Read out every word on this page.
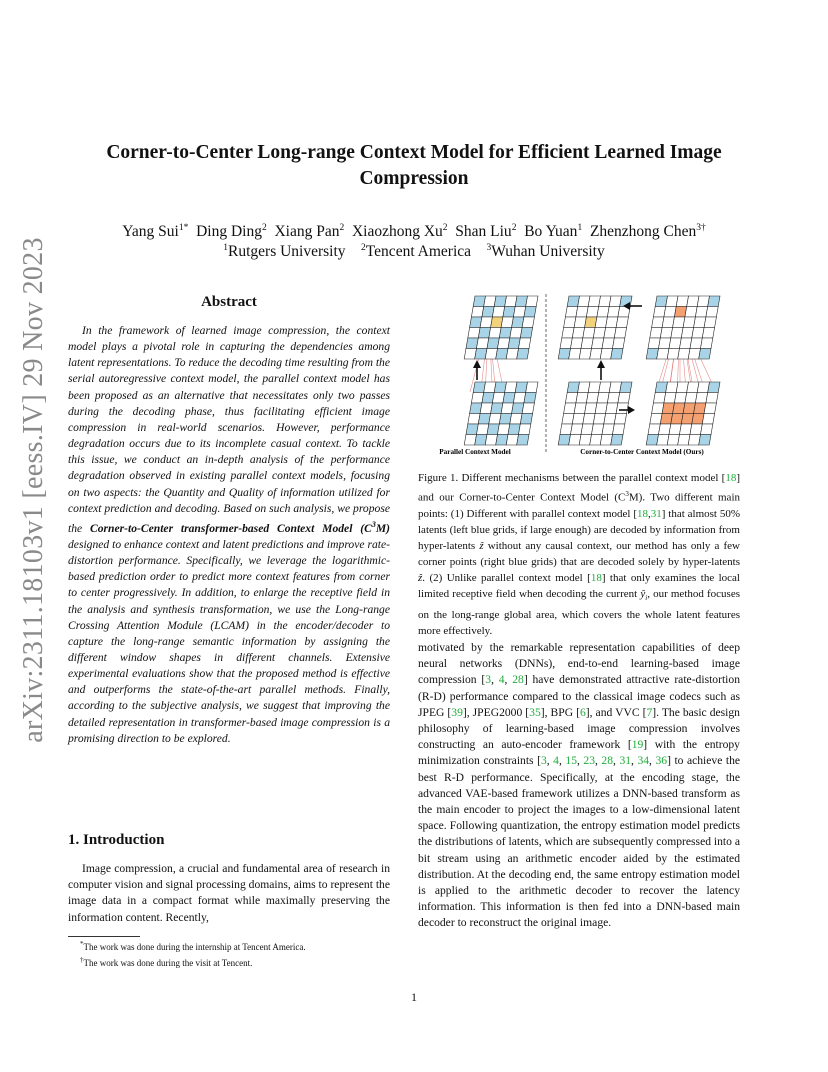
arXiv:2311.18103v1 [eess.IV] 29 Nov 2023
Corner-to-Center Long-range Context Model for Efficient Learned Image
Compression
Yang Sui$^{1*}$ Ding Ding$^2$ Xiang Pan$^2$ Xiaozhong Xu$^2$ Shan Liu$^2$ Bo Yuan$^1$ Zhenzhong Chen$^{3\dagger}$
$^1$Rutgers University $^2$Tencent America $^3$Wuhan University
Abstract
In the framework of learned image compression, the context model plays a pivotal role in capturing the dependencies among latent representations. To reduce the decoding time resulting from the serial autoregressive context model, the parallel context model has been proposed as an alternative that necessitates only two passes during the decoding phase, thus facilitating efficient image compression in real-world scenarios. However, performance degradation occurs due to its incomplete casual context. To tackle this issue, we conduct an in-depth analysis of the performance degradation observed in existing parallel context models, focusing on two aspects: the Quantity and Quality of information utilized for context prediction and decoding. Based on such analysis, we propose the Corner-to-Center transformer-based Context Model $(C^3M)$ designed to enhance context and latent predictions and improve rate-distortion performance. Specifically, we leverage the logarithmic-based prediction order to predict more context features from corner to center progressively. In addition, to enlarge the receptive field in the analysis and synthesis transformation, we use the Long-range Crossing Attention Module (LCAM) in the encoder/decoder to capture the long-range semantic information by assigning the different window shapes in different channels. Extensive experimental evaluations show that the proposed method is effective and outperforms the state-of-the-art parallel methods. Finally, according to the subjective analysis, we suggest that improving the detailed representation in transformer-based image compression is a promising direction to be explored.
1. Introduction
Image compression, a crucial and fundamental area of research in computer vision and signal processing domains, aims to represent the image data in a compact format while maximally preserving the information content. Recently,
*The work was done during the internship at Tencent America.
†The work was done during the visit at Tencent.
Parallel Context Model	Corner-to-Center Context Model (Ours)
Figure 1. Different mechanisms between the parallel context model [18] and our Corner-to-Center Context Model $(C^3M)$. Two different main points: (1) Different with parallel context model [18,31] that almost 50% latents (left blue grids, if large enough) are decoded by information from hyper-latents ẑ without any causal context, our method has only a few corner points (right blue grids) that are decoded solely by hyper-latents ẑ. (2) Unlike parallel context model [18] that only examines the local limited receptive field when decoding the current $ŷ_i$, our method focuses on the long-range global area, which covers the whole latent features more effectively.
motivated by the remarkable representation capabilities of deep neural networks (DNNs), end-to-end learning-based image compression [3, 4, 28] have demonstrated attractive rate-distortion (R-D) performance compared to the classical image codecs such as JPEG [39], JPEG2000 [35], BPG [6], and VVC [7]. The basic design philosophy of learning-based image compression involves constructing an auto-encoder framework [19] with the entropy minimization constraints [3, 4, 15, 23, 28, 31, 34, 36] to achieve the best R-D performance. Specifically, at the encoding stage, the advanced VAE-based framework utilizes a DNN-based transform as the main encoder to project the images to a low-dimensional latent space. Following quantization, the entropy estimation model predicts the distributions of latents, which are subsequently compressed into a bit stream using an arithmetic encoder aided by the estimated distribution. At the decoding end, the same entropy estimation model is applied to the arithmetic decoder to recover the latency information. This information is then fed into a DNN-based main decoder to reconstruct the original image.
1
